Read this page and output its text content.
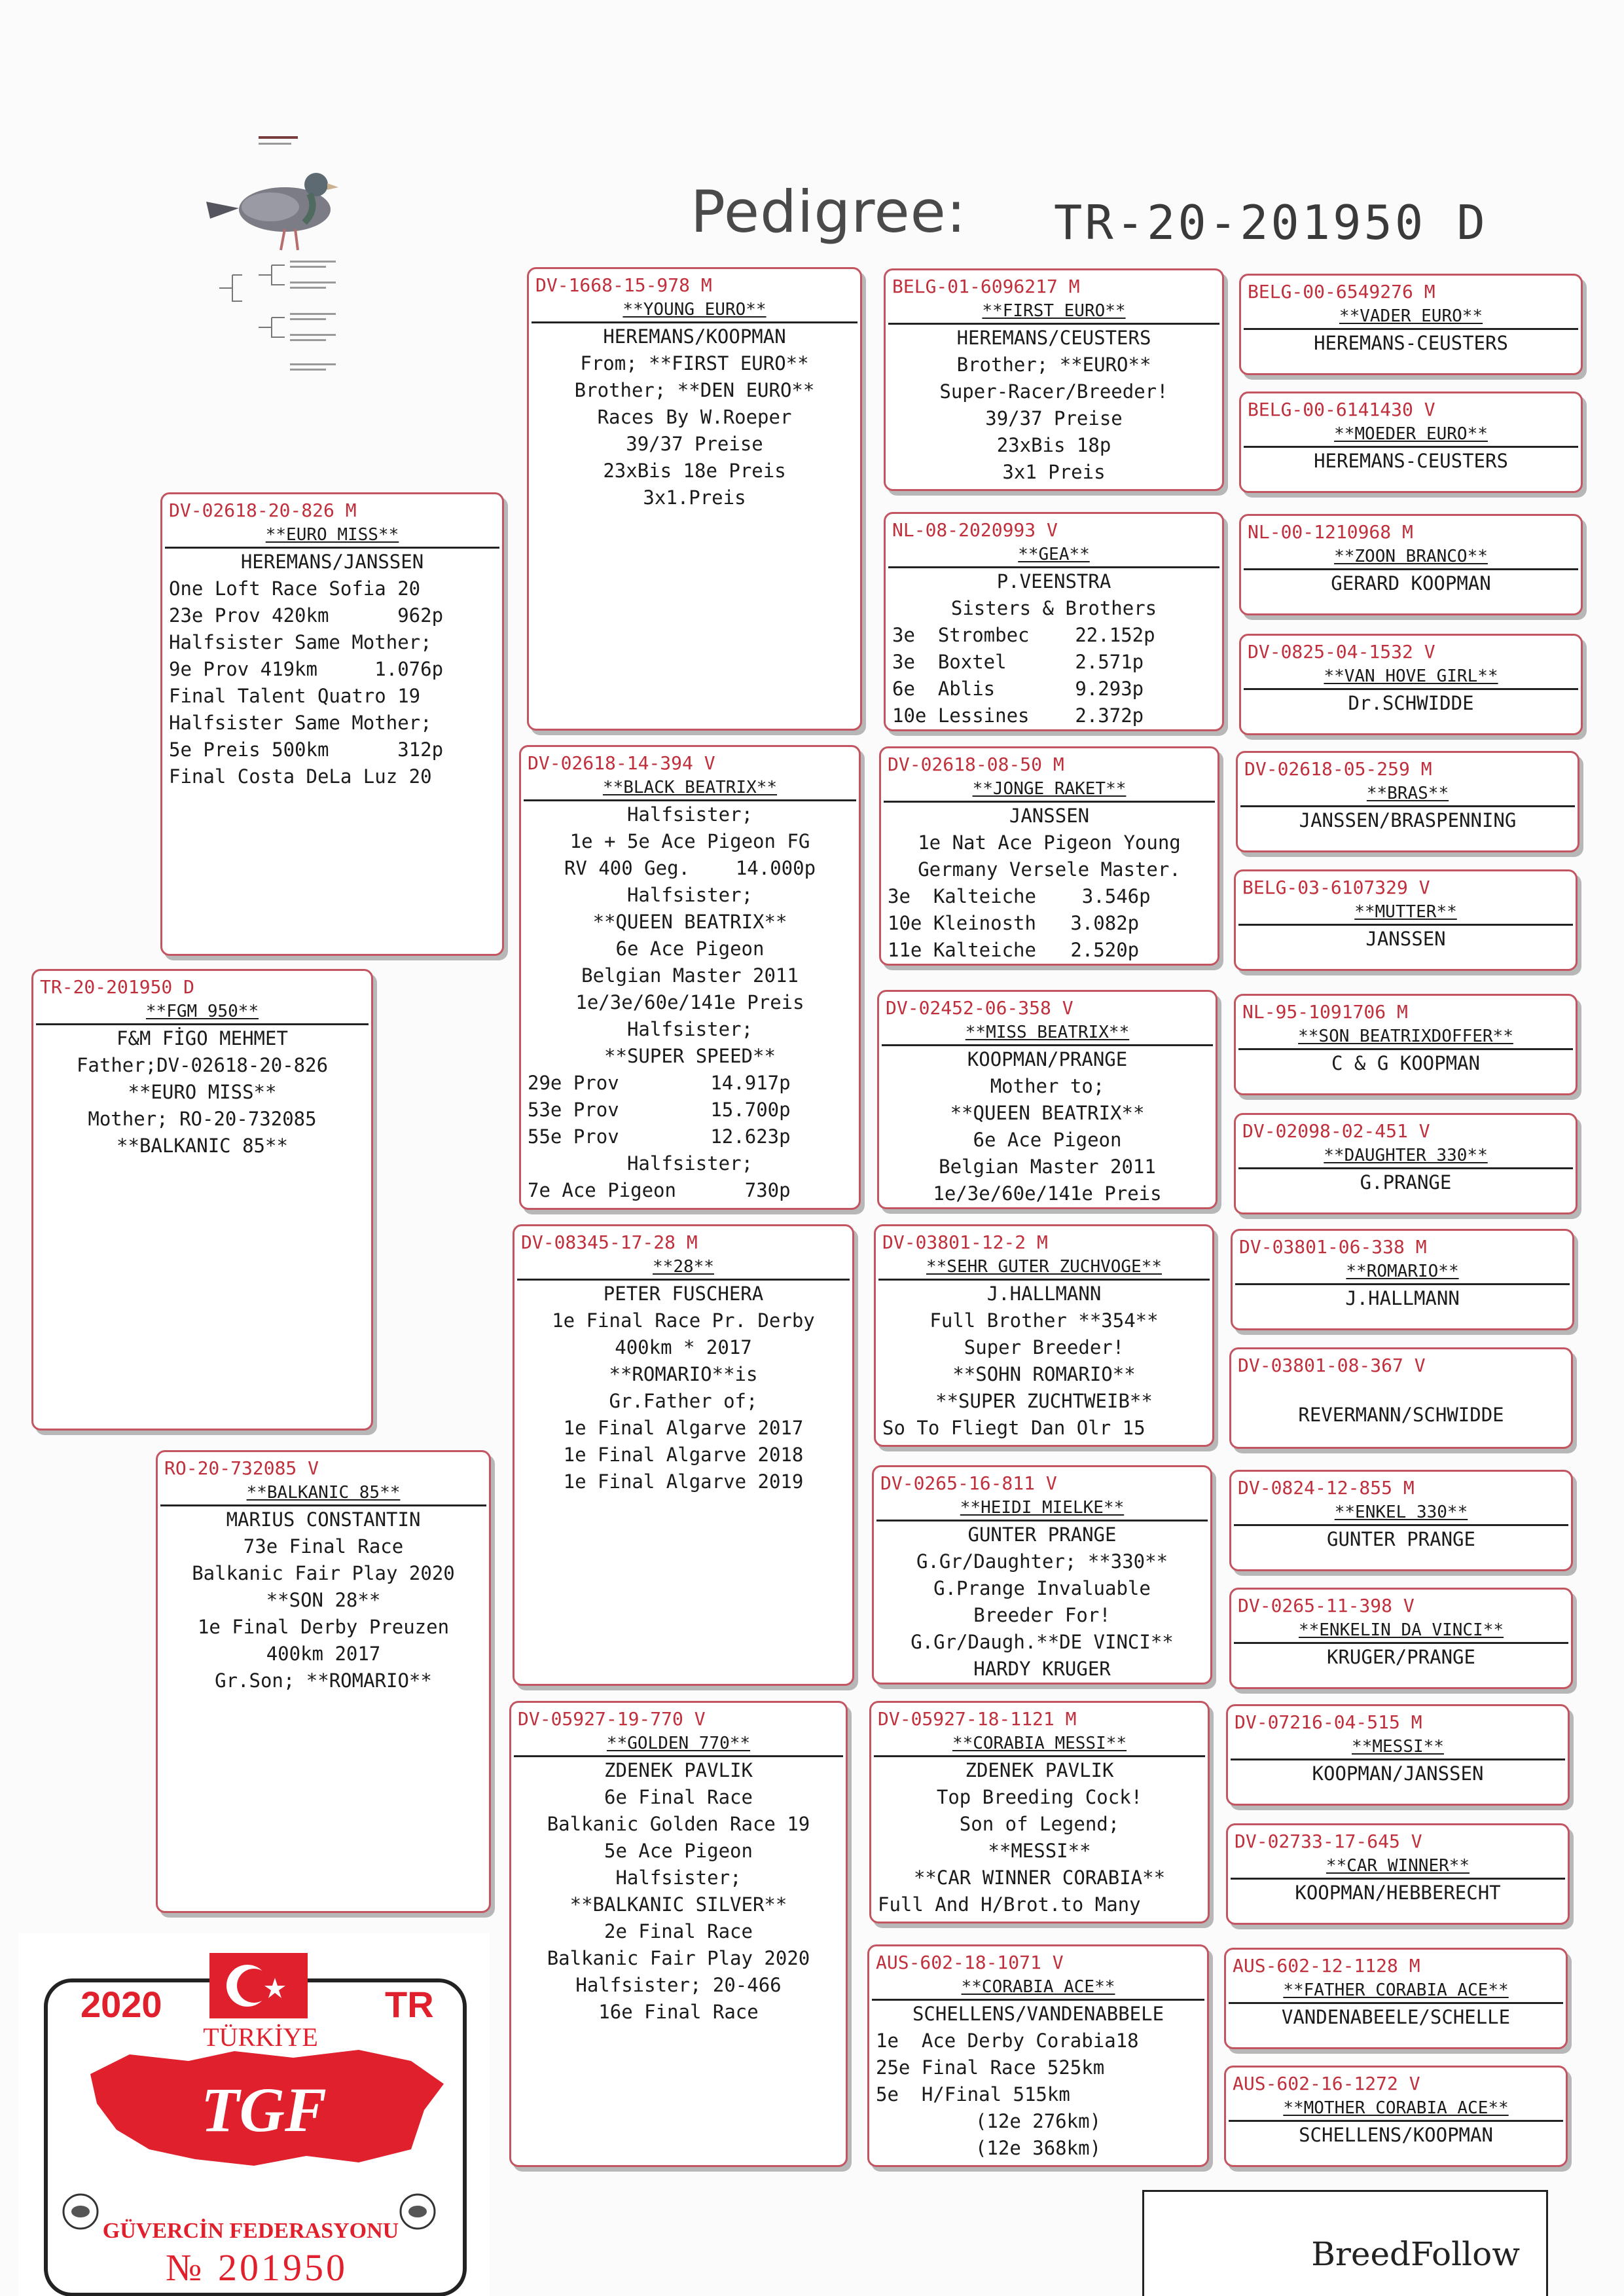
Pedigree: TR-20-201950 D
TR-20-201950 D
**FGM 950**
F&M FİGO MEHMET
Father;DV-02618-20-826
**EURO MISS**
Mother; RO-20-732085
**BALKANIC 85**
DV-02618-20-826 M
**EURO MISS**
HEREMANS/JANSSEN
One Loft Race Sofia 20
23e Prov 420km      962p
Halfsister Same Mother;
9e Prov 419km     1.076p
Final Talent Quatro 19
Halfsister Same Mother;
5e Preis 500km      312p
Final Costa DeLa Luz 20
RO-20-732085 V
**BALKANIC 85**
MARIUS CONSTANTIN
73e Final Race
Balkanic Fair Play 2020
**SON 28**
1e Final Derby Preuzen
400km 2017
Gr.Son; **ROMARIO**
DV-1668-15-978 M
**YOUNG EURO**
HEREMANS/KOOPMAN
From; **FIRST EURO**
Brother; **DEN EURO**
Races By W.Roeper
39/37 Preise
23xBis 18e Preis
3x1.Preis
DV-02618-14-394 V
**BLACK BEATRIX**
Halfsister;
1e + 5e Ace Pigeon FG
RV 400 Geg.    14.000p
Halfsister;
**QUEEN BEATRIX**
6e Ace Pigeon
Belgian Master 2011
1e/3e/60e/141e Preis
Halfsister;
**SUPER SPEED**
29e Prov        14.917p
53e Prov        15.700p
55e Prov        12.623p
Halfsister;
7e Ace Pigeon      730p
DV-08345-17-28 M
**28**
PETER FUSCHERA
1e Final Race Pr. Derby
400km * 2017
**ROMARIO**is
Gr.Father of;
1e Final Algarve 2017
1e Final Algarve 2018
1e Final Algarve 2019
DV-05927-19-770 V
**GOLDEN 770**
ZDENEK PAVLIK
6e Final Race
Balkanic Golden Race 19
5e Ace Pigeon
Halfsister;
**BALKANIC SILVER**
2e Final Race
Balkanic Fair Play 2020
Halfsister; 20-466
16e Final Race
BELG-01-6096217 M
**FIRST EURO**
HEREMANS/CEUSTERS
Brother; **EURO**
Super-Racer/Breeder!
39/37 Preise
23xBis 18p
3x1 Preis
NL-08-2020993 V
**GEA**
P.VEENSTRA
Sisters & Brothers
3e  Strombec    22.152p
3e  Boxtel      2.571p
6e  Ablis       9.293p
10e Lessines    2.372p
DV-02618-08-50 M
**JONGE RAKET**
JANSSEN
1e Nat Ace Pigeon Young
Germany Versele Master.
3e  Kalteiche    3.546p
10e Kleinosth   3.082p
11e Kalteiche   2.520p
DV-02452-06-358 V
**MISS BEATRIX**
KOOPMAN/PRANGE
Mother to;
**QUEEN BEATRIX**
6e Ace Pigeon
Belgian Master 2011
1e/3e/60e/141e Preis
DV-03801-12-2 M
**SEHR GUTER ZUCHVOGE**
J.HALLMANN
Full Brother **354**
Super Breeder!
**SOHN ROMARIO**
**SUPER ZUCHTWEIB**
So To Fliegt Dan Olr 15
DV-0265-16-811 V
**HEIDI MIELKE**
GUNTER PRANGE
G.Gr/Daughter; **330**
G.Prange Invaluable
Breeder For!
G.Gr/Daugh.**DE VINCI**
HARDY KRUGER
DV-05927-18-1121 M
**CORABIA MESSI**
ZDENEK PAVLIK
Top Breeding Cock!
Son of Legend;
**MESSI**
**CAR WINNER CORABIA**
Full And H/Brot.to Many
AUS-602-18-1071 V
**CORABIA ACE**
SCHELLENS/VANDENABBELE
1e  Ace Derby Corabia18
25e Final Race 525km
5e  H/Final 515km
(12e 276km)
(12e 368km)
BELG-00-6549276 M
**VADER EURO**
HEREMANS-CEUSTERS
BELG-00-6141430 V
**MOEDER EURO**
HEREMANS-CEUSTERS
NL-00-1210968 M
**ZOON BRANCO**
GERARD KOOPMAN
DV-0825-04-1532 V
**VAN HOVE GIRL**
Dr.SCHWIDDE
DV-02618-05-259 M
**BRAS**
JANSSEN/BRASPENNING
BELG-03-6107329 V
**MUTTER**
JANSSEN
NL-95-1091706 M
**SON BEATRIXDOFFER**
C & G KOOPMAN
DV-02098-02-451 V
**DAUGHTER 330**
G.PRANGE
DV-03801-06-338 M
**ROMARIO**
J.HALLMANN
DV-03801-08-367 V
REVERMANN/SCHWIDDE
DV-0824-12-855 M
**ENKEL 330**
GUNTER PRANGE
DV-0265-11-398 V
**ENKELIN DA VINCI**
KRUGER/PRANGE
DV-07216-04-515 M
**MESSI**
KOOPMAN/JANSSEN
DV-02733-17-645 V
**CAR WINNER**
KOOPMAN/HEBBERECHT
AUS-602-12-1128 M
**FATHER CORABIA ACE**
VANDENABEELE/SCHELLE
AUS-602-16-1272 V
**MOTHER CORABIA ACE**
SCHELLENS/KOOPMAN
2020	TR
TÜRKİYE
TGF
GÜVERCİN FEDERASYONU
№ 201950	BreedFollow
